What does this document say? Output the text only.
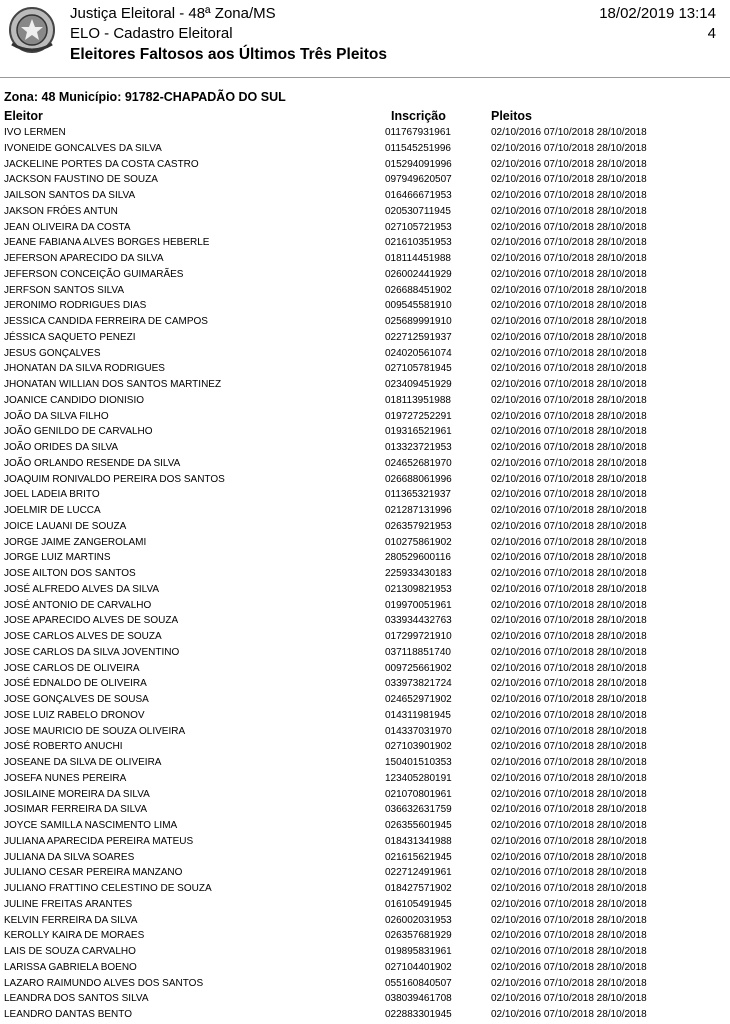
Justiça Eleitoral - 48ª Zona/MS
ELO - Cadastro Eleitoral
Eleitores Faltosos aos Últimos Três Pleitos
18/02/2019 13:14
4
Zona: 48 Município: 91782-CHAPADÃO DO SUL
Eleitor	Inscrição	Pleitos
IVO LERMEN	011767931961	02/10/2016 07/10/2018 28/10/2018
IVONEIDE GONCALVES DA SILVA	011545251996	02/10/2016 07/10/2018 28/10/2018
JACKELINE PORTES DA COSTA CASTRO	015294091996	02/10/2016 07/10/2018 28/10/2018
JACKSON FAUSTINO DE SOUZA	097949620507	02/10/2016 07/10/2018 28/10/2018
JAILSON SANTOS DA SILVA	016466671953	02/10/2016 07/10/2018 28/10/2018
JAKSON FRÓES ANTUN	020530711945	02/10/2016 07/10/2018 28/10/2018
JEAN OLIVEIRA DA COSTA	027105721953	02/10/2016 07/10/2018 28/10/2018
JEANE FABIANA ALVES BORGES HEBERLE	021610351953	02/10/2016 07/10/2018 28/10/2018
JEFERSON APARECIDO DA SILVA	018114451988	02/10/2016 07/10/2018 28/10/2018
JEFERSON CONCEIÇÃO GUIMARÃES	026002441929	02/10/2016 07/10/2018 28/10/2018
JERFSON SANTOS SILVA	026688451902	02/10/2016 07/10/2018 28/10/2018
JERONIMO RODRIGUES DIAS	009545581910	02/10/2016 07/10/2018 28/10/2018
JESSICA CANDIDA FERREIRA DE CAMPOS	025689991910	02/10/2016 07/10/2018 28/10/2018
JÉSSICA SAQUETO PENEZI	022712591937	02/10/2016 07/10/2018 28/10/2018
JESUS GONÇALVES	024020561074	02/10/2016 07/10/2018 28/10/2018
JHONATAN DA SILVA RODRIGUES	027105781945	02/10/2016 07/10/2018 28/10/2018
JHONATAN WILLIAN DOS SANTOS MARTINEZ	023409451929	02/10/2016 07/10/2018 28/10/2018
JOANICE CANDIDO DIONISIO	018113951988	02/10/2016 07/10/2018 28/10/2018
JOÃO DA SILVA FILHO	019727252291	02/10/2016 07/10/2018 28/10/2018
JOÃO GENILDO DE CARVALHO	019316521961	02/10/2016 07/10/2018 28/10/2018
JOÃO ORIDES DA SILVA	013323721953	02/10/2016 07/10/2018 28/10/2018
JOÃO ORLANDO RESENDE DA SILVA	024652681970	02/10/2016 07/10/2018 28/10/2018
JOAQUIM RONIVALDO PEREIRA DOS SANTOS	026688061996	02/10/2016 07/10/2018 28/10/2018
JOEL LADEIA BRITO	011365321937	02/10/2016 07/10/2018 28/10/2018
JOELMIR DE LUCCA	021287131996	02/10/2016 07/10/2018 28/10/2018
JOICE LAUANI DE SOUZA	026357921953	02/10/2016 07/10/2018 28/10/2018
JORGE JAIME ZANGEROLAMI	010275861902	02/10/2016 07/10/2018 28/10/2018
JORGE LUIZ MARTINS	280529600116	02/10/2016 07/10/2018 28/10/2018
JOSE AILTON DOS SANTOS	225933430183	02/10/2016 07/10/2018 28/10/2018
JOSÉ ALFREDO ALVES DA SILVA	021309821953	02/10/2016 07/10/2018 28/10/2018
JOSÉ ANTONIO DE CARVALHO	019970051961	02/10/2016 07/10/2018 28/10/2018
JOSE APARECIDO ALVES DE SOUZA	033934432763	02/10/2016 07/10/2018 28/10/2018
JOSE CARLOS ALVES DE SOUZA	017299721910	02/10/2016 07/10/2018 28/10/2018
JOSE CARLOS DA SILVA JOVENTINO	037118851740	02/10/2016 07/10/2018 28/10/2018
JOSE CARLOS DE OLIVEIRA	009725661902	02/10/2016 07/10/2018 28/10/2018
JOSÉ EDNALDO DE OLIVEIRA	033973821724	02/10/2016 07/10/2018 28/10/2018
JOSE GONÇALVES DE SOUSA	024652971902	02/10/2016 07/10/2018 28/10/2018
JOSE LUIZ RABELO DRONOV	014311981945	02/10/2016 07/10/2018 28/10/2018
JOSE MAURICIO DE SOUZA OLIVEIRA	014337031970	02/10/2016 07/10/2018 28/10/2018
JOSÉ ROBERTO ANUCHI	027103901902	02/10/2016 07/10/2018 28/10/2018
JOSEANE DA SILVA DE OLIVEIRA	150401510353	02/10/2016 07/10/2018 28/10/2018
JOSEFA NUNES PEREIRA	123405280191	02/10/2016 07/10/2018 28/10/2018
JOSILAINE MOREIRA DA SILVA	021070801961	02/10/2016 07/10/2018 28/10/2018
JOSIMAR FERREIRA DA SILVA	036632631759	02/10/2016 07/10/2018 28/10/2018
JOYCE SAMILLA NASCIMENTO LIMA	026355601945	02/10/2016 07/10/2018 28/10/2018
JULIANA APARECIDA PEREIRA MATEUS	018431341988	02/10/2016 07/10/2018 28/10/2018
JULIANA DA SILVA SOARES	021615621945	02/10/2016 07/10/2018 28/10/2018
JULIANO CESAR PEREIRA MANZANO	022712491961	02/10/2016 07/10/2018 28/10/2018
JULIANO FRATTINO CELESTINO DE SOUZA	018427571902	02/10/2016 07/10/2018 28/10/2018
JULINE FREITAS ARANTES	016105491945	02/10/2016 07/10/2018 28/10/2018
KELVIN FERREIRA DA SILVA	026002031953	02/10/2016 07/10/2018 28/10/2018
KEROLLY KAIRA DE MORAES	026357681929	02/10/2016 07/10/2018 28/10/2018
LAIS DE SOUZA CARVALHO	019895831961	02/10/2016 07/10/2018 28/10/2018
LARISSA GABRIELA BOENO	027104401902	02/10/2016 07/10/2018 28/10/2018
LAZARO RAIMUNDO ALVES DOS SANTOS	055160840507	02/10/2016 07/10/2018 28/10/2018
LEANDRA DOS SANTOS SILVA	038039461708	02/10/2016 07/10/2018 28/10/2018
LEANDRO DANTAS BENTO	022883301945	02/10/2016 07/10/2018 28/10/2018
